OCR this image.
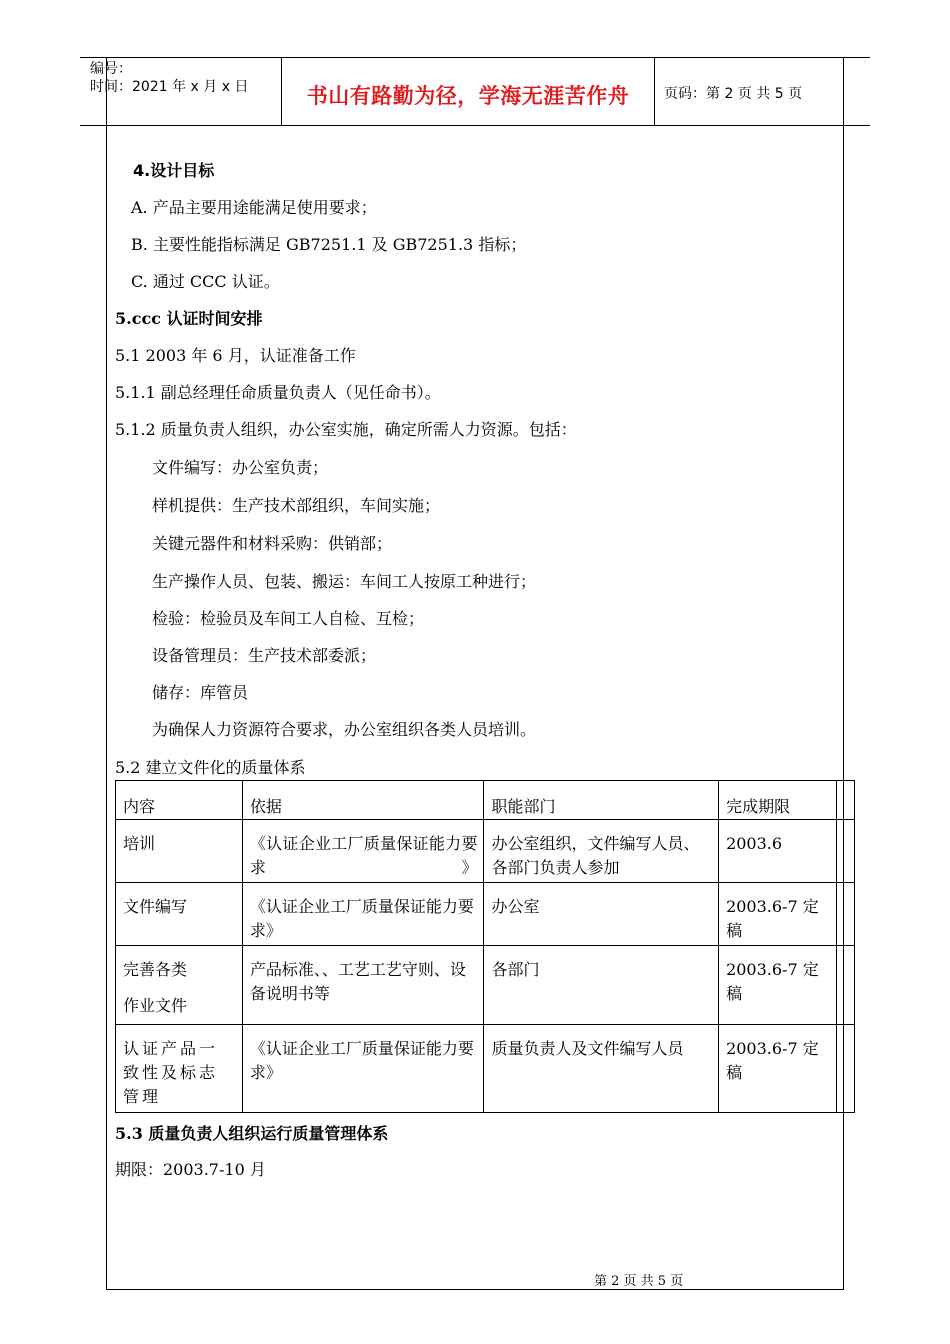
编号：
时间：2021 年 x 月 x 日	书山有路勤为径，学海无涯苦作舟	页码：第 2 页 共 5 页
4.设计目标
A. 产品主要用途能满足使用要求；
B. 主要性能指标满足 GB7251.1 及 GB7251.3 指标；
C. 通过 CCC 认证。
5.ccc 认证时间安排
5.1 2003 年 6 月，认证准备工作
5.1.1 副总经理任命质量负责人（见任命书）。
5.1.2 质量负责人组织，办公室实施，确定所需人力资源。包括：
文件编写：办公室负责；
样机提供：生产技术部组织，车间实施；
关键元器件和材料采购：供销部；
生产操作人员、包装、搬运：车间工人按原工种进行；
检验：检验员及车间工人自检、互检；
设备管理员：生产技术部委派；
储存：库管员
为确保人力资源符合要求，办公室组织各类人员培训。
5.2 建立文件化的质量体系
内容	依据	职能部门	完成期限	
培训	《认证企业工厂质量保证能力要求》	办公室组织，文件编写人员、各部门负责人参加	2003.6	
文件编写	《认证企业工厂质量保证能力要求》	办公室	2003.6-7 定稿	
完善各类作业文件	产品标准、、工艺工艺守则、设备说明书等	各部门	2003.6-7 定稿	
认证产品一致性及标志管理	《认证企业工厂质量保证能力要求》	质量负责人及文件编写人员	2003.6-7 定稿	
5.3 质量负责人组织运行质量管理体系
期限：2003.7-10 月
第 2 页 共 5 页
